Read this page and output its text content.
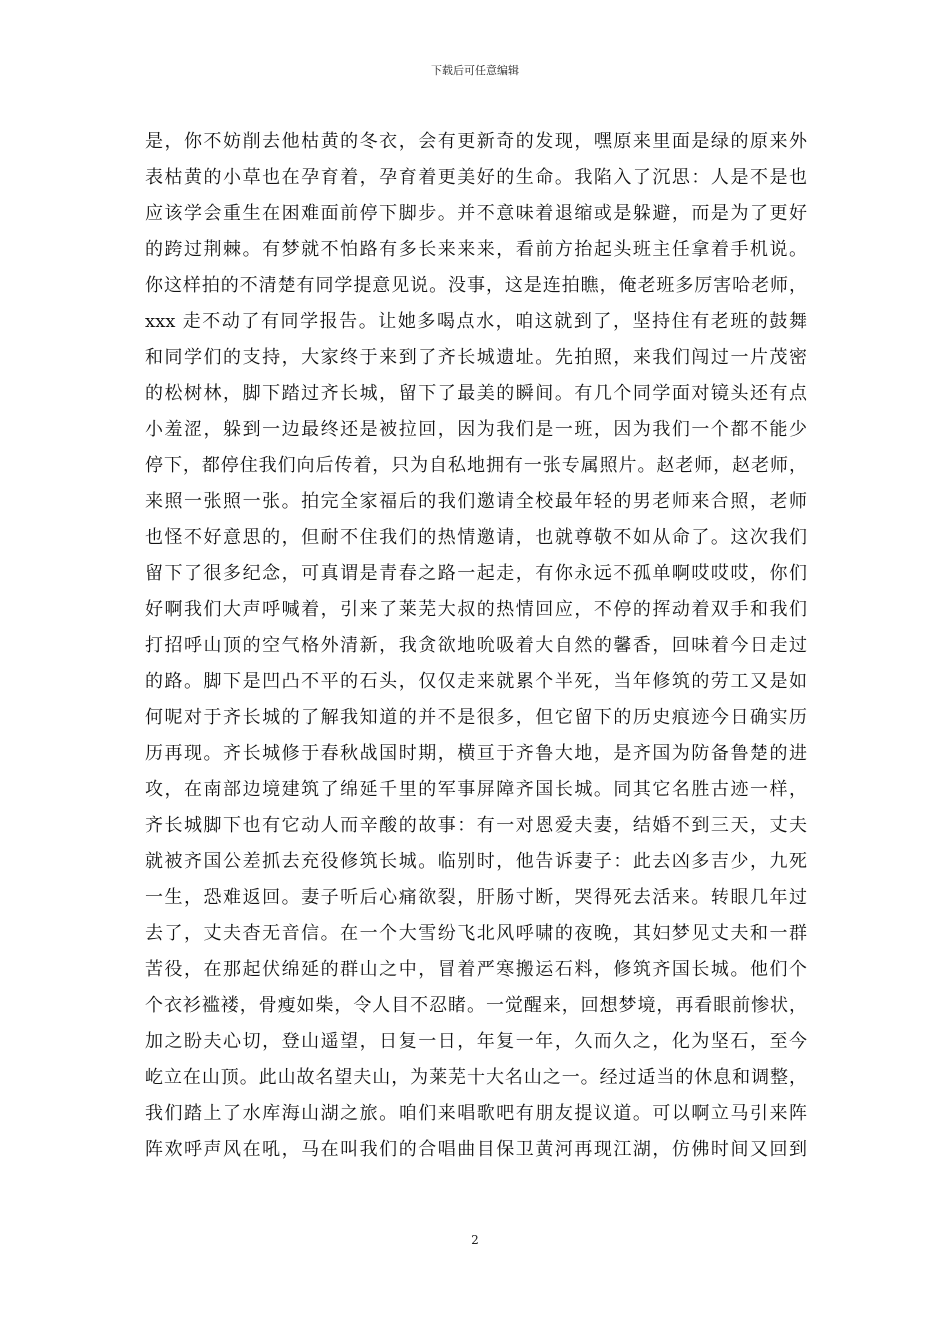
下载后可任意编辑
是，你不妨削去他枯黄的冬衣，会有更新奇的发现，嘿原来里面是绿的原来外
表枯黄的小草也在孕育着，孕育着更美好的生命。我陷入了沉思：人是不是也
应该学会重生在困难面前停下脚步。并不意味着退缩或是躲避，而是为了更好
的跨过荆棘。有梦就不怕路有多长来来来，看前方抬起头班主任拿着手机说。
你这样拍的不清楚有同学提意见说。没事，这是连拍瞧，俺老班多厉害哈老师，
xxx 走不动了有同学报告。让她多喝点水，咱这就到了，坚持住有老班的鼓舞
和同学们的支持，大家终于来到了齐长城遗址。先拍照，来我们闯过一片茂密
的松树林，脚下踏过齐长城，留下了最美的瞬间。有几个同学面对镜头还有点
小羞涩，躲到一边最终还是被拉回，因为我们是一班，因为我们一个都不能少
停下，都停住我们向后传着，只为自私地拥有一张专属照片。赵老师，赵老师，
来照一张照一张。拍完全家福后的我们邀请全校最年轻的男老师来合照，老师
也怪不好意思的，但耐不住我们的热情邀请，也就尊敬不如从命了。这次我们
留下了很多纪念，可真谓是青春之路一起走，有你永远不孤单啊哎哎哎，你们
好啊我们大声呼喊着，引来了莱芜大叔的热情回应，不停的挥动着双手和我们
打招呼山顶的空气格外清新，我贪欲地吮吸着大自然的馨香，回味着今日走过
的路。脚下是凹凸不平的石头，仅仅走来就累个半死，当年修筑的劳工又是如
何呢对于齐长城的了解我知道的并不是很多，但它留下的历史痕迹今日确实历
历再现。齐长城修于春秋战国时期，横亘于齐鲁大地，是齐国为防备鲁楚的进
攻，在南部边境建筑了绵延千里的军事屏障齐国长城。同其它名胜古迹一样，
齐长城脚下也有它动人而辛酸的故事：有一对恩爱夫妻，结婚不到三天，丈夫
就被齐国公差抓去充役修筑长城。临别时，他告诉妻子：此去凶多吉少，九死
一生，恐难返回。妻子听后心痛欲裂，肝肠寸断，哭得死去活来。转眼几年过
去了，丈夫杳无音信。在一个大雪纷飞北风呼啸的夜晚，其妇梦见丈夫和一群
苦役，在那起伏绵延的群山之中，冒着严寒搬运石料，修筑齐国长城。他们个
个衣衫褴褛，骨瘦如柴，令人目不忍睹。一觉醒来，回想梦境，再看眼前惨状，
加之盼夫心切，登山遥望，日复一日，年复一年，久而久之，化为坚石，至今
屹立在山顶。此山故名望夫山，为莱芜十大名山之一。经过适当的休息和调整，
我们踏上了水库海山湖之旅。咱们来唱歌吧有朋友提议道。可以啊立马引来阵
阵欢呼声风在吼，马在叫我们的合唱曲目保卫黄河再现江湖，仿佛时间又回到
2
